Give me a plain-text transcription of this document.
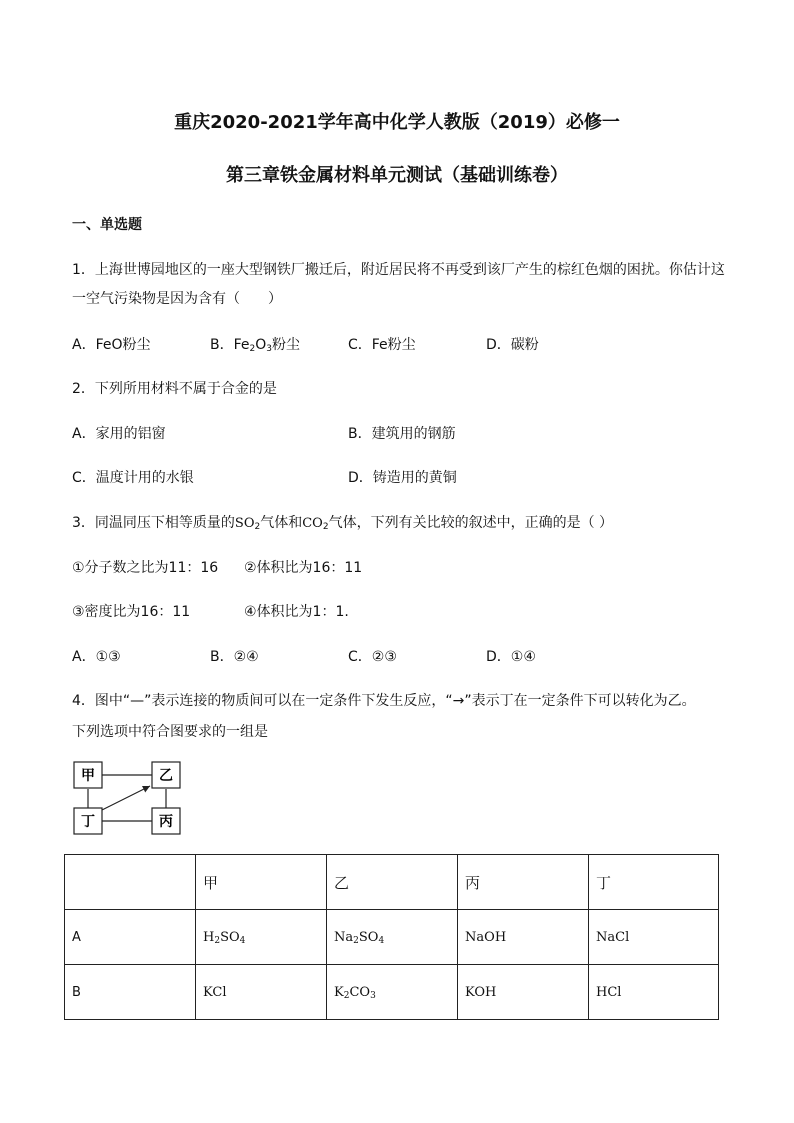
重庆2020-2021学年高中化学人教版（2019）必修一
第三章铁金属材料单元测试（基础训练卷）
一、单选题
1．上海世博园地区的一座大型钢铁厂搬迁后，附近居民将不再受到该厂产生的棕红色烟的困扰。你估计这
一空气污染物是因为含有（　　）
A．FeO粉尘	B．$Fe_2O_3$粉尘	C．Fe粉尘	D．碳粉
2．下列所用材料不属于合金的是
A．家用的铝窗	B．建筑用的钢筋
C．温度计用的水银	D．铸造用的黄铜
3．同温同压下相等质量的$SO_2$气体和$CO_2$气体，下列有关比较的叙述中，正确的是（ ）
①分子数之比为11：16 ②体积比为16：11
③密度比为16：11	④体积比为1：1.
A．①③	B．②④	C．②③	D．①④
4．图中“—”表示连接的物质间可以在一定条件下发生反应，“→”表示丁在一定条件下可以转化为乙。
下列选项中符合图要求的一组是
甲	乙
丁	丙
	甲	乙	丙	丁
A	$H_2SO_4$	$Na_2SO_4$	NaOH	NaCl
B	KCl	$K_2CO_3$	KOH	HCl
